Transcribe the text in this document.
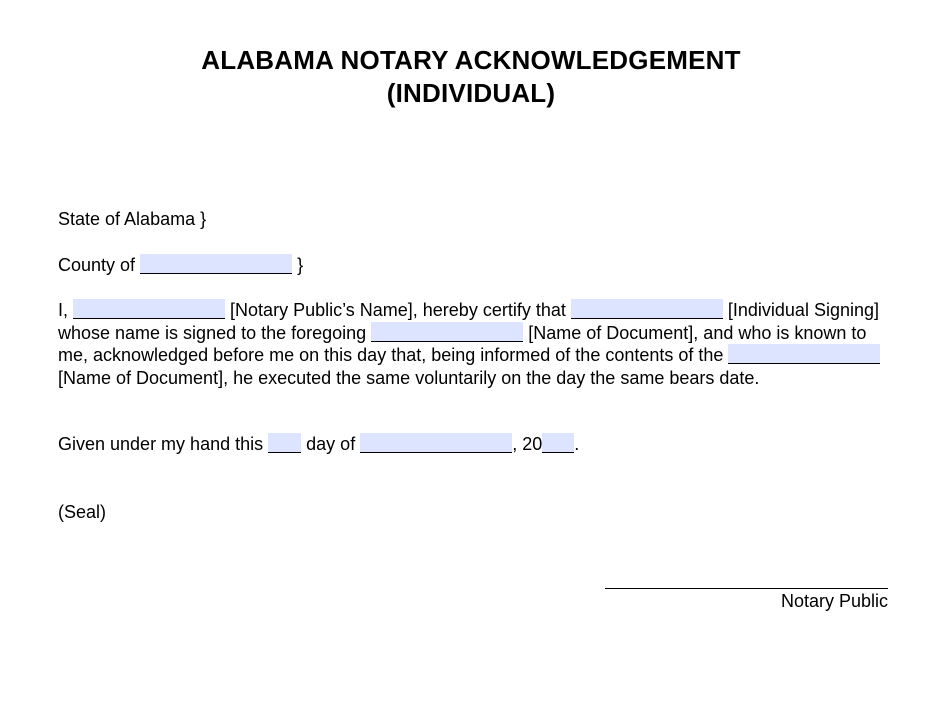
ALABAMA NOTARY ACKNOWLEDGEMENT
(INDIVIDUAL)
State of Alabama }
County of	}
I,	[Notary Public’s Name], hereby certify that	[Individual Signing] whose name is signed to the foregoing	[Name of Document], and who is known to me, acknowledged before me on this day that, being informed of the contents of the  [Name of Document], he executed the same voluntarily on the day the same bears date.
Given under my hand this day of	, 20 .
(Seal)
Notary Public
